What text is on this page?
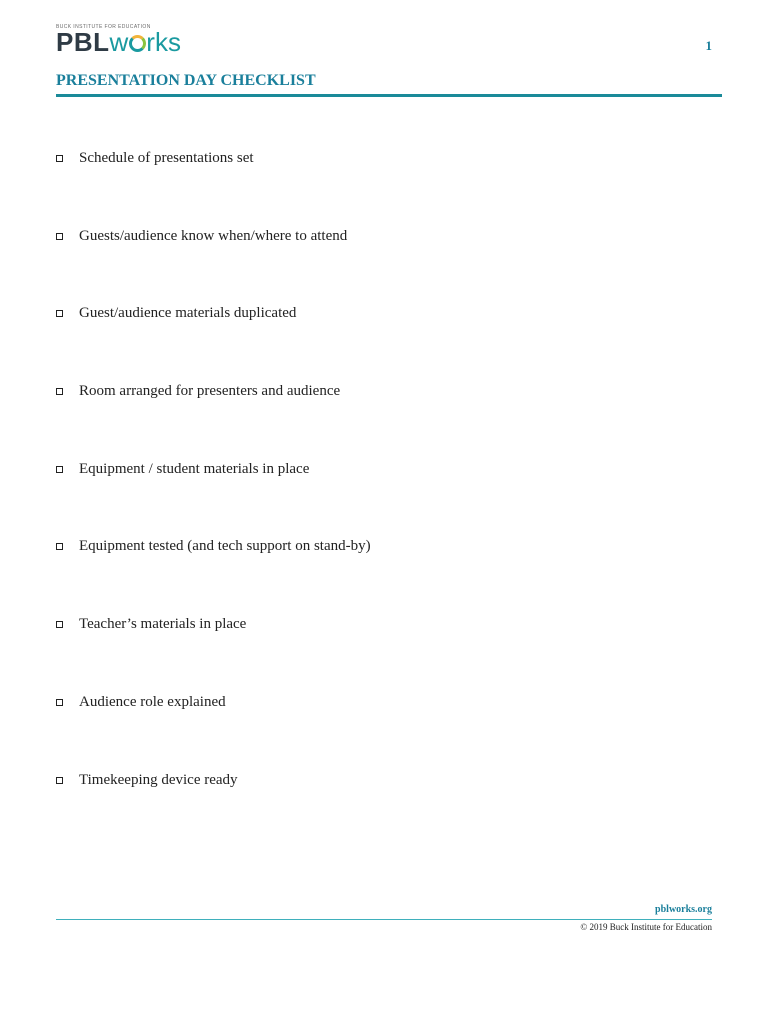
BUCK INSTITUTE FOR EDUCATION
PBLw rks	1
PRESENTATION DAY CHECKLIST
Schedule of presentations set
Guests/audience know when/where to attend
Guest/audience materials duplicated
Room arranged for presenters and audience
Equipment / student materials in place
Equipment tested (and tech support on stand-by)
Teacher’s materials in place
Audience role explained
Timekeeping device ready
pblworks.org
© 2019 Buck Institute for Education
